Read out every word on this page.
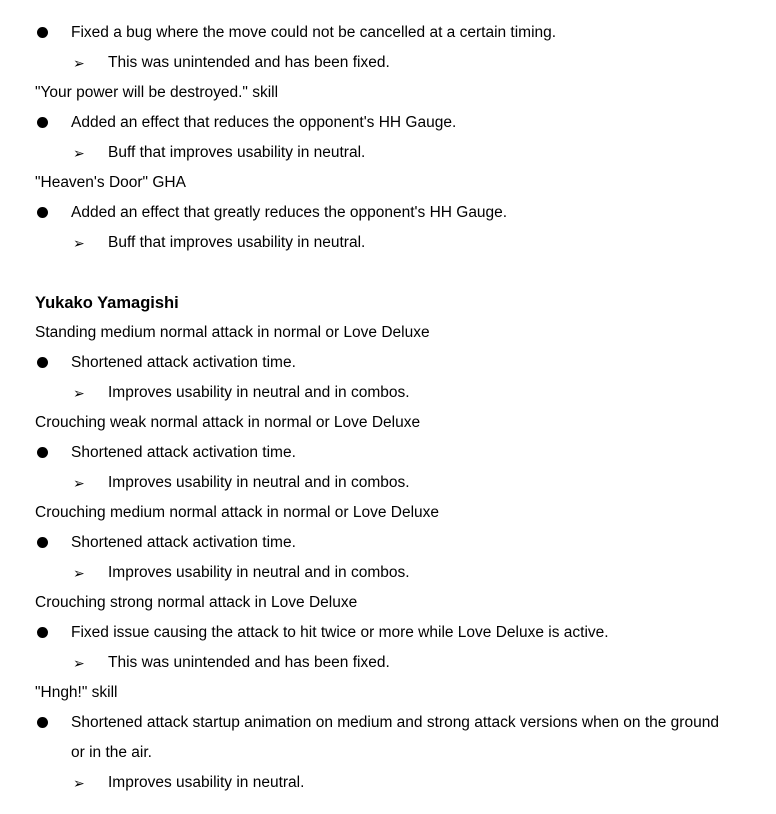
Fixed a bug where the move could not be cancelled at a certain timing.
➢ This was unintended and has been fixed.
"Your power will be destroyed." skill
Added an effect that reduces the opponent's HH Gauge.
➢ Buff that improves usability in neutral.
"Heaven's Door" GHA
Added an effect that greatly reduces the opponent's HH Gauge.
➢ Buff that improves usability in neutral.
Yukako Yamagishi
Standing medium normal attack in normal or Love Deluxe
Shortened attack activation time.
➢ Improves usability in neutral and in combos.
Crouching weak normal attack in normal or Love Deluxe
Shortened attack activation time.
➢ Improves usability in neutral and in combos.
Crouching medium normal attack in normal or Love Deluxe
Shortened attack activation time.
➢ Improves usability in neutral and in combos.
Crouching strong normal attack in Love Deluxe
Fixed issue causing the attack to hit twice or more while Love Deluxe is active.
➢ This was unintended and has been fixed.
"Hngh!" skill
Shortened attack startup animation on medium and strong attack versions when on the ground
or in the air.
➢ Improves usability in neutral.
